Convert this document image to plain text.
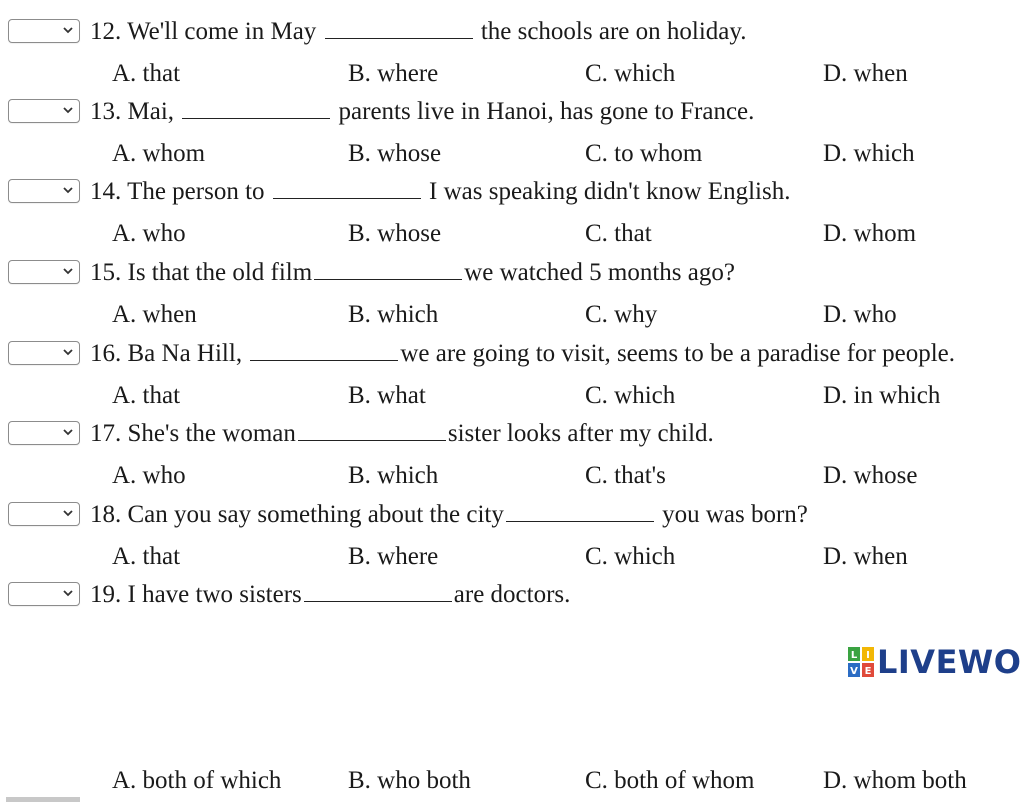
12. We'll come in May	the schools are on holiday.
A. that	B. where	C. which	D. when
13. Mai,	parents live in Hanoi, has gone to France.
A. whom	B. whose	C. to whom	D. which
14. The person to	I was speaking didn't know English.
A. who	B. whose	C. that	D. whom
15. Is that the old film	we watched 5 months ago?
A. when	B. which	C. why	D. who
16. Ba Na Hill,	we are going to visit, seems to be a paradise for people.
A. that	B. what	C. which	D. in which
17. She's the woman	sister looks after my child.
A. who	B. which	C. that's	D. whose
18. Can you say something about the city	you was born?
A. that	B. where	C. which	D. when
19. I have two sisters	are doctors.
L I
V E LIVEWO
A. both of which	B. who both	C. both of whom	D. whom both
